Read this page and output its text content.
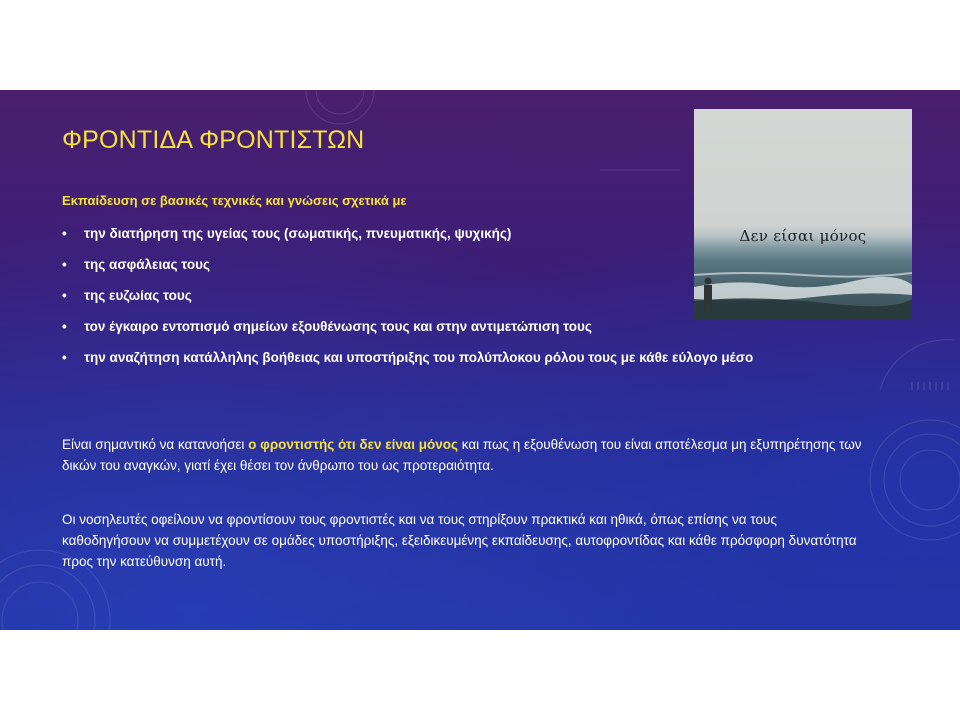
ΦΡΟΝΤΙΔΑ ΦΡΟΝΤΙΣΤΩΝ

Εκπαίδευση σε βασικές τεχνικές και γνώσεις σχετικά με

• την διατήρηση της υγείας τους (σωματικής, πνευματικής, ψυχικής)
• της ασφάλειας τους
• της ευζωίας τους
• τον έγκαιρο εντοπισμό σημείων εξουθένωσης τους και στην αντιμετώπιση τους
• την αναζήτηση κατάλληλης βοήθειας και υποστήριξης του πολύπλοκου ρόλου τους με κάθε εύλογο μέσο

Είναι σημαντικό να κατανοήσει ο φροντιστής ότι δεν είναι μόνος και πως η εξουθένωση του είναι αποτέλεσμα μη εξυπηρέτησης των δικών του αναγκών, γιατί έχει θέσει τον άνθρωπο του ως προτεραιότητα.

Οι νοσηλευτές οφείλουν να φροντίσουν τους φροντιστές και να τους στηρίξουν πρακτικά και ηθικά, όπως επίσης να τους καθοδηγήσουν να συμμετέχουν σε ομάδες υποστήριξης, εξειδικευμένης εκπαίδευσης, αυτοφροντίδας και κάθε πρόσφορη δυνατότητα προς την κατεύθυνση αυτή.

Δεν είσαι μόνος
